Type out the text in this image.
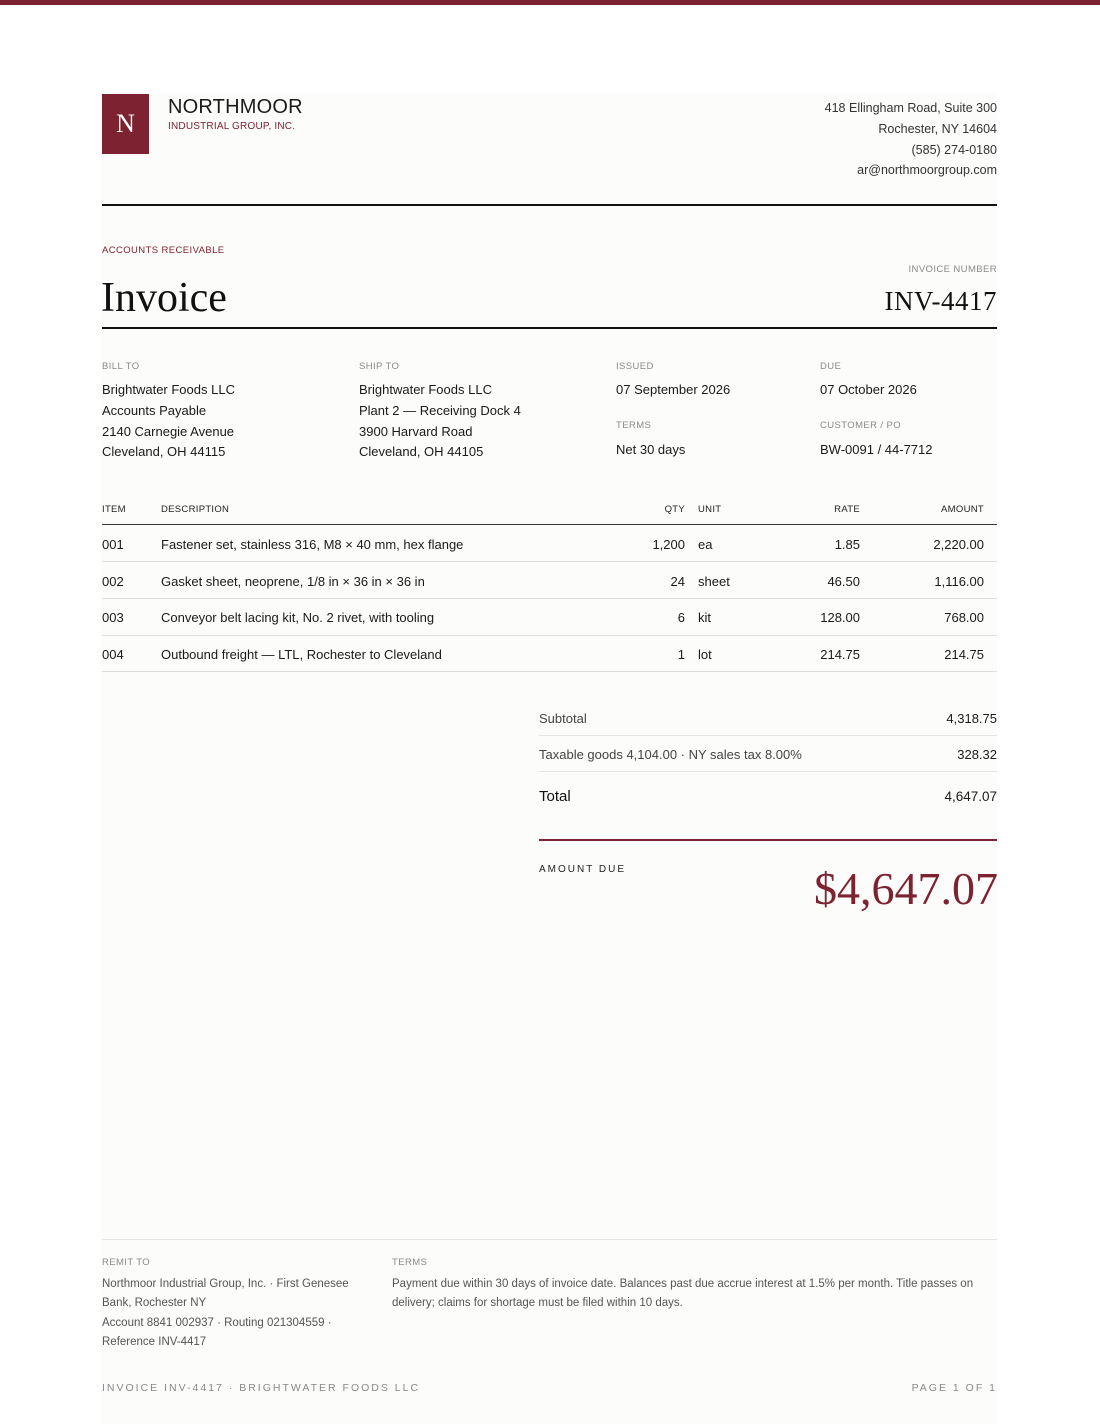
N
NORTHMOOR
INDUSTRIAL GROUP, INC.
418 Ellingham Road, Suite 300
Rochester, NY 14604
(585) 274-0180
ar@northmoorgroup.com
ACCOUNTS RECEIVABLE
Invoice
INVOICE NUMBER
INV-4417
BILL TO
Brightwater Foods LLC
Accounts Payable
2140 Carnegie Avenue
Cleveland, OH 44115
SHIP TO
Brightwater Foods LLC
Plant 2 — Receiving Dock 4
3900 Harvard Road
Cleveland, OH 44105
ISSUED
07 September 2026
TERMS
Net 30 days
DUE
07 October 2026
CUSTOMER / PO
BW-0091 / 44-7712
ITEM	DESCRIPTION	QTY UNIT	RATE	AMOUNT
001	Fastener set, stainless 316, M8 × 40 mm, hex flange	1,200 ea	1.85	2,220.00
002	Gasket sheet, neoprene, 1/8 in × 36 in × 36 in	24 sheet	46.50	1,116.00
003	Conveyor belt lacing kit, No. 2 rivet, with tooling	6 kit	128.00	768.00
004	Outbound freight — LTL, Rochester to Cleveland	1 lot	214.75	214.75
Subtotal	4,318.75
Taxable goods 4,104.00 · NY sales tax 8.00%	328.32
Total	4,647.07
AMOUNT DUE	$4,647.07
REMIT TO
Northmoor Industrial Group, Inc. · First Genesee
Bank, Rochester NY
Account 8841 002937 · Routing 021304559 ·
Reference INV-4417
TERMS
Payment due within 30 days of invoice date. Balances past due accrue interest at 1.5% per month. Title passes on
delivery; claims for shortage must be filed within 10 days.
INVOICE INV-4417 · BRIGHTWATER FOODS LLC	PAGE 1 OF 1
